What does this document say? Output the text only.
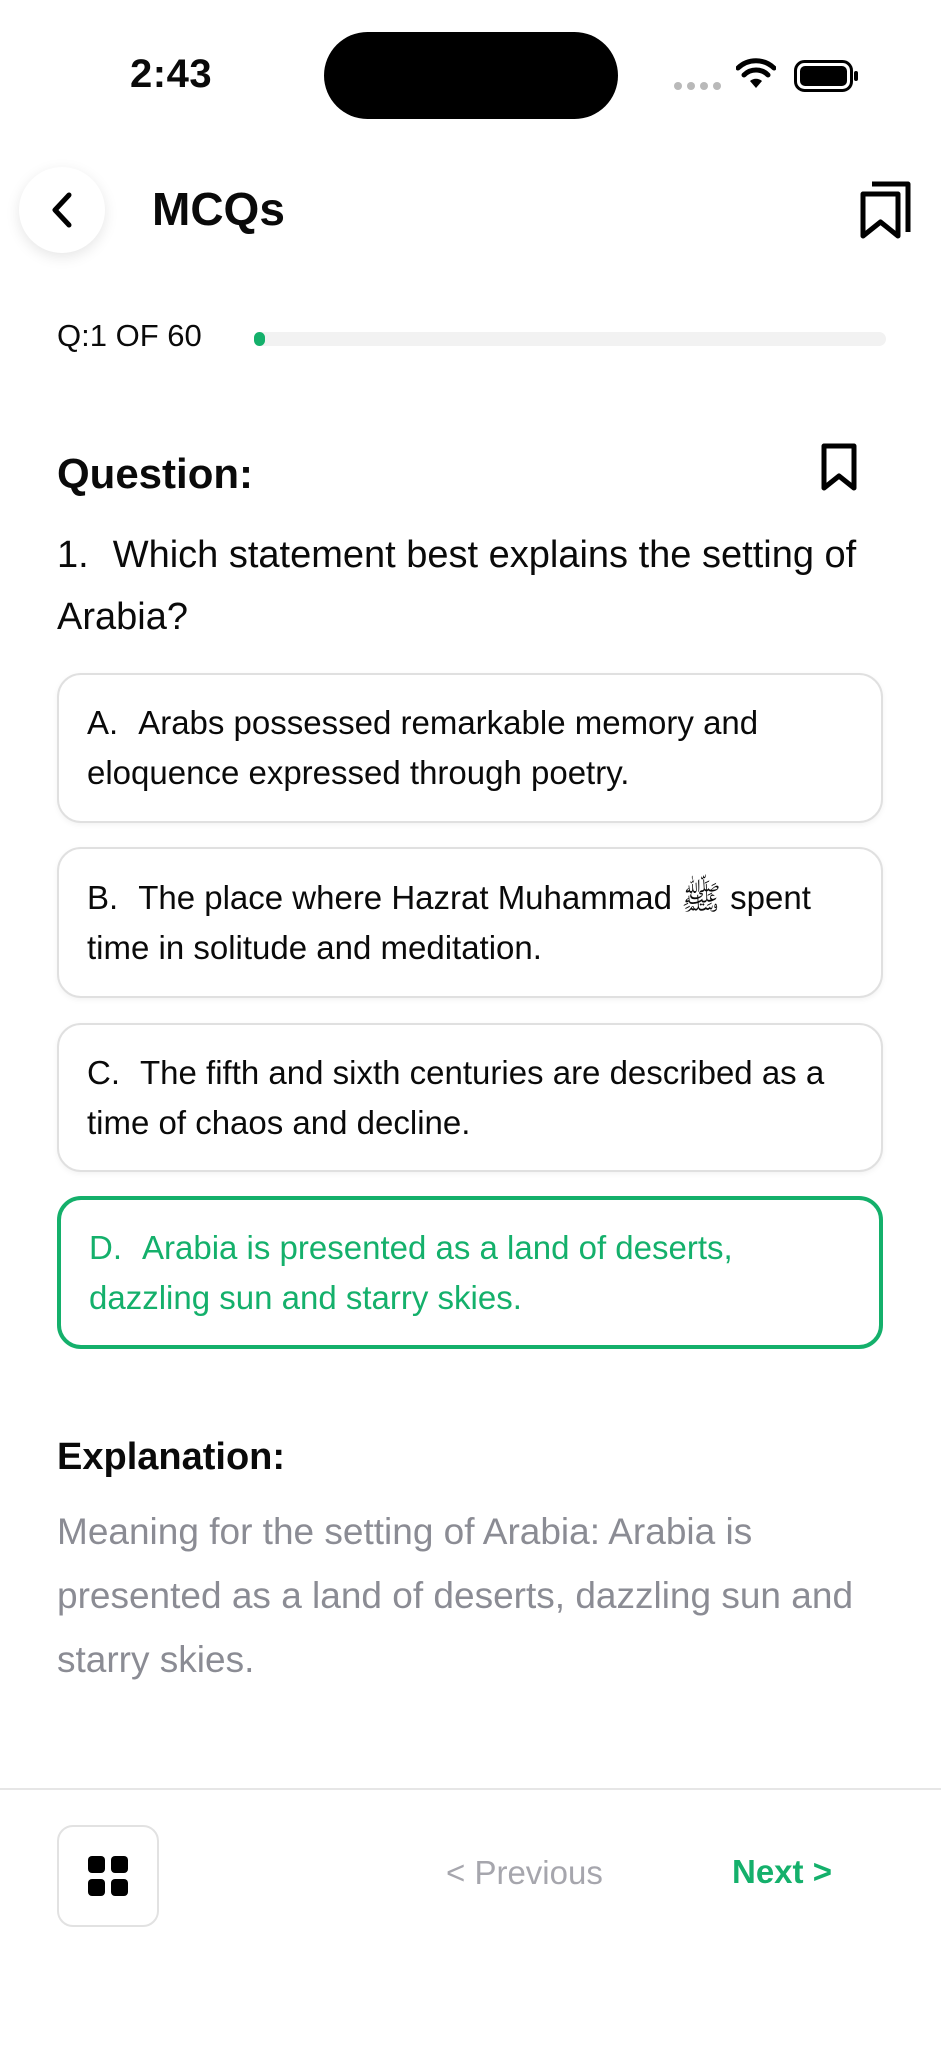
2:43
MCQs
Q:1 OF 60
Question:
1. Which statement best explains the setting of Arabia?
A. Arabs possessed remarkable memory and eloquence expressed through poetry.
B. The place where Hazrat Muhammad ﷺ spent time in solitude and meditation.
C. The fifth and sixth centuries are described as a time of chaos and decline.
D. Arabia is presented as a land of deserts, dazzling sun and starry skies.
Explanation:
Meaning for the setting of Arabia: Arabia is presented as a land of deserts, dazzling sun and starry skies.
< Previous	Next >
